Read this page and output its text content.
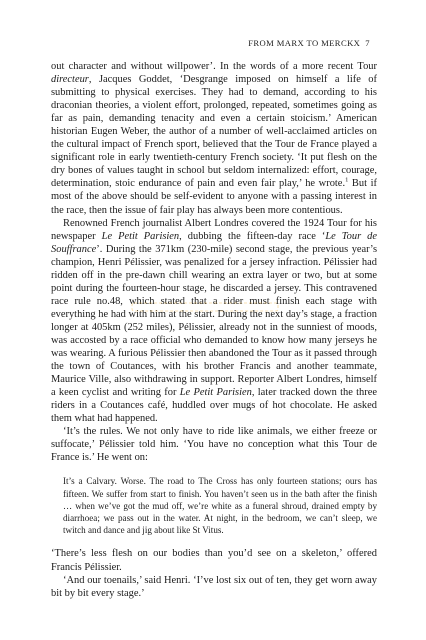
FROM MARX TO MERCKX 7

out character and without willpower’. In the words of a more recent Tour directeur, Jacques Goddet, ‘Desgrange imposed on himself a life of submitting to physical exercises. They had to demand, according to his draconian theories, a violent effort, prolonged, repeated, sometimes going as far as pain, demanding tenacity and even a certain stoicism.’ American historian Eugen Weber, the author of a number of well-acclaimed articles on the cultural impact of French sport, believed that the Tour de France played a significant role in early twentieth-century French society. ‘It put flesh on the dry bones of values taught in school but seldom internalized: effort, courage, determination, stoic endurance of pain and even fair play,’ he wrote.$^1$ But if most of the above should be self-evident to anyone with a passing interest in the race, then the issue of fair play has always been more contentious.

Renowned French journalist Albert Londres covered the 1924 Tour for his newspaper Le Petit Parisien, dubbing the fifteen-day race ‘Le Tour de Souffrance’. During the 371km (230-mile) second stage, the previous year’s champion, Henri Pélissier, was penalized for a jersey infraction. Pélissier had ridden off in the pre-dawn chill wearing an extra layer or two, but at some point during the fourteen-hour stage, he discarded a jersey. This contravened race rule no.48, which stated that a rider must finish each stage with everything he had with him at the start. During the next day’s stage, a fraction longer at 405km (252 miles), Pélissier, already not in the sunniest of moods, was accosted by a race official who demanded to know how many jerseys he was wearing. A furious Pélissier then abandoned the Tour as it passed through the town of Coutances, with his brother Francis and another teammate, Maurice Ville, also withdrawing in support. Reporter Albert Londres, himself a keen cyclist and writing for Le Petit Parisien, later tracked down the three riders in a Coutances café, huddled over mugs of hot chocolate. He asked them what had happened.

‘It’s the rules. We not only have to ride like animals, we either freeze or suffocate,’ Pélissier told him. ‘You have no conception what this Tour de France is.’ He went on:

It’s a Calvary. Worse. The road to The Cross has only fourteen stations; ours has fifteen. We suffer from start to finish. You haven’t seen us in the bath after the finish … when we’ve got the mud off, we’re white as a funeral shroud, drained empty by diarrhoea; we pass out in the water. At night, in the bedroom, we can’t sleep, we twitch and dance and jig about like St Vitus.

‘There’s less flesh on our bodies than you’d see on a skeleton,’ offered Francis Pélissier.

‘And our toenails,’ said Henri. ‘I’ve lost six out of ten, they get worn away bit by bit every stage.’
